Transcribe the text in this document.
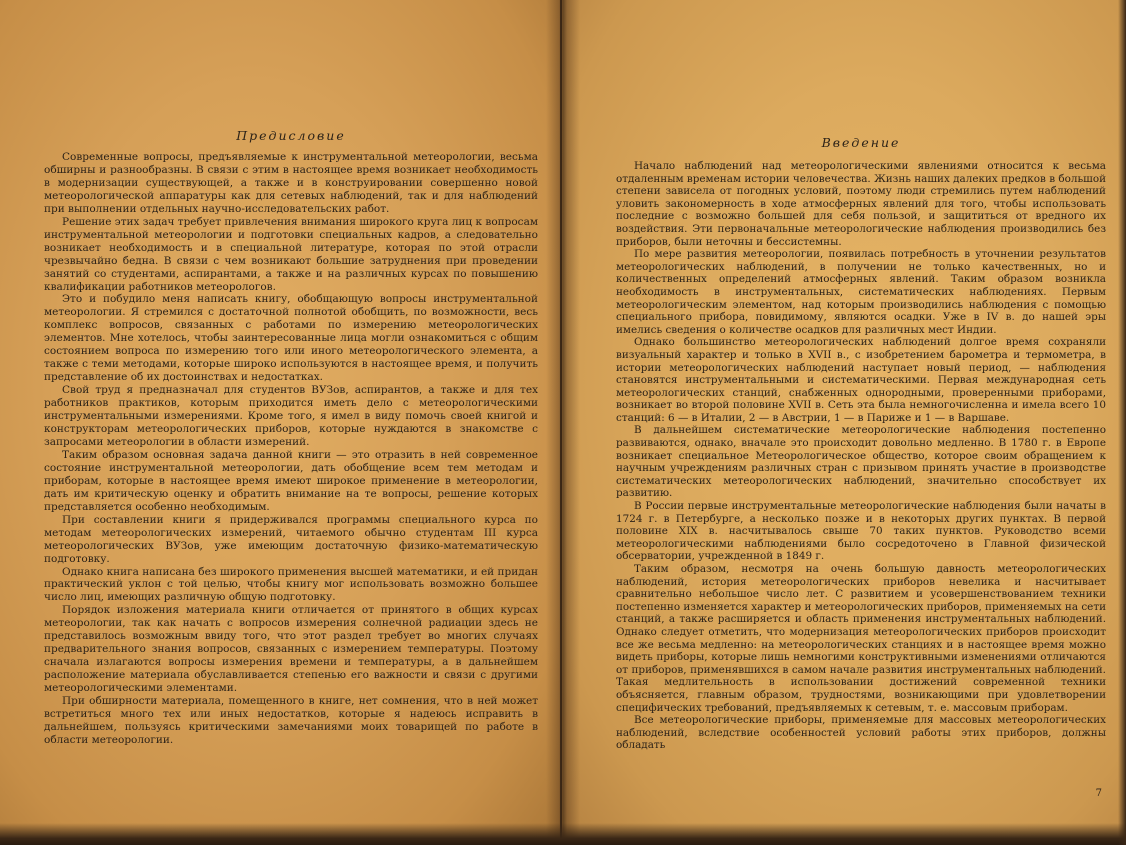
Предисловие

Современные вопросы, предъявляемые к инструментальной метеорологии, весьма обширны и разнообразны. В связи с этим в настоящее время возникает необходимость в модернизации существующей, а также и в конструировании совершенно новой метеорологической аппаратуры как для сетевых наблюдений, так и для наблюдений при выполнении отдельных научно-исследовательских работ.

Решение этих задач требует привлечения внимания широкого круга лиц к вопросам инструментальной метеорологии и подготовки специальных кадров, а следовательно возникает необходимость и в специальной литературе, которая по этой отрасли чрезвычайно бедна. В связи с чем возникают большие затруднения при проведении занятий со студентами, аспирантами, а также и на различных курсах по повышению квалификации работников метеорологов.

Это и побудило меня написать книгу, обобщающую вопросы инструментальной метеорологии. Я стремился с достаточной полнотой обобщить, по возможности, весь комплекс вопросов, связанных с работами по измерению метеорологических элементов. Мне хотелось, чтобы заинтересованные лица могли ознакомиться с общим состоянием вопроса по измерению того или иного метеорологического элемента, а также с теми методами, которые широко используются в настоящее время, и получить представление об их достоинствах и недостатках.

Свой труд я предназначал для студентов ВУЗов, аспирантов, а также и для тех работников практиков, которым приходится иметь дело с метеорологическими инструментальными измерениями. Кроме того, я имел в виду помочь своей книгой и конструкторам метеорологических приборов, которые нуждаются в знакомстве с запросами метеорологии в области измерений.

Таким образом основная задача данной книги — это отразить в ней современное состояние инструментальной метеорологии, дать обобщение всем тем методам и приборам, которые в настоящее время имеют широкое применение в метеорологии, дать им критическую оценку и обратить внимание на те вопросы, решение которых представляется особенно необходимым.

При составлении книги я придерживался программы специального курса по методам метеорологических измерений, читаемого обычно студентам III курса метеорологических ВУЗов, уже имеющим достаточную физико-математическую подготовку.

Однако книга написана без широкого применения высшей математики, и ей придан практический уклон с той целью, чтобы книгу мог использовать возможно большее число лиц, имеющих различную общую подготовку.

Порядок изложения материала книги отличается от принятого в общих курсах метеорологии, так как начать с вопросов измерения солнечной радиации здесь не представилось возможным ввиду того, что этот раздел требует во многих случаях предварительного знания вопросов, связанных с измерением температуры. Поэтому сначала излагаются вопросы измерения времени и температуры, а в дальнейшем расположение материала обуславливается степенью его важности и связи с другими метеорологическими элементами.

При обширности материала, помещенного в книге, нет сомнения, что в ней может встретиться много тех или иных недостатков, которые я надеюсь исправить в дальнейшем, пользуясь критическими замечаниями моих товарищей по работе в области метеорологии.

Введение

Начало наблюдений над метеорологическими явлениями относится к весьма отдаленным временам истории человечества. Жизнь наших далеких предков в большой степени зависела от погодных условий, поэтому люди стремились путем наблюдений уловить закономерность в ходе атмосферных явлений для того, чтобы использовать последние с возможно большей для себя пользой, и защититься от вредного их воздействия. Эти первоначальные метеорологические наблюдения производились без приборов, были неточны и бессистемны.

По мере развития метеорологии, появилась потребность в уточнении результатов метеорологических наблюдений, в получении не только качественных, но и количественных определений атмосферных явлений. Таким образом возникла необходимость в инструментальных, систематических наблюдениях. Первым метеорологическим элементом, над которым производились наблюдения с помощью специального прибора, повидимому, являются осадки. Уже в IV в. до нашей эры имелись сведения о количестве осадков для различных мест Индии.

Однако большинство метеорологических наблюдений долгое время сохраняли визуальный характер и только в XVII в., с изобретением барометра и термометра, в истории метеорологических наблюдений наступает новый период, — наблюдения становятся инструментальными и систематическими. Первая международная сеть метеорологических станций, снабженных однородными, проверенными приборами, возникает во второй половине XVII в. Сеть эта была немногочисленна и имела всего 10 станций: 6 — в Италии, 2 — в Австрии, 1 — в Париже и 1 — в Варшаве.

В дальнейшем систематические метеорологические наблюдения постепенно развиваются, однако, вначале это происходит довольно медленно. В 1780 г. в Европе возникает специальное Метеорологическое общество, которое своим обращением к научным учреждениям различных стран с призывом принять участие в производстве систематических метеорологических наблюдений, значительно способствует их развитию.

В России первые инструментальные метеорологические наблюдения были начаты в 1724 г. в Петербурге, а несколько позже и в некоторых других пунктах. В первой половине XIX в. насчитывалось свыше 70 таких пунктов. Руководство всеми метеорологическими наблюдениями было сосредоточено в Главной физической обсерватории, учрежденной в 1849 г.

Таким образом, несмотря на очень большую давность метеорологических наблюдений, история метеорологических приборов невелика и насчитывает сравнительно небольшое число лет. С развитием и усовершенствованием техники постепенно изменяется характер и метеорологических приборов, применяемых на сети станций, а также расширяется и область применения инструментальных наблюдений. Однако следует отметить, что модернизация метеорологических приборов происходит все же весьма медленно: на метеорологических станциях и в настоящее время можно видеть приборы, которые лишь немногими конструктивными изменениями отличаются от приборов, применявшихся в самом начале развития инструментальных наблюдений. Такая медлительность в использовании достижений современной техники объясняется, главным образом, трудностями, возникающими при удовлетворении специфических требований, предъявляемых к сетевым, т. е. массовым приборам.

Все метеорологические приборы, применяемые для массовых метеорологических наблюдений, вследствие особенностей условий работы этих приборов, должны обладать

7
